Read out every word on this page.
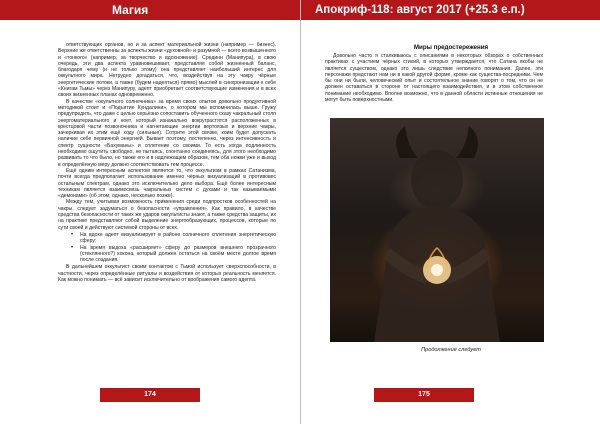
Магия

ответствующих органов, но и за аспект материальной жизни (например — бизнес). Верхние же ответственны за аспекты жизни «духовной» и разумной — всего возвышенного и «тонкого» (например, за творчество и вдохновение). Срединн (Манипура), в свою очередь, эти два аспекта уравновешивает, представляя собой жизненный баланс, благодаря чему (и не только этому) она представляет наибольший интерес для оккультного мира. Нетрудно догадаться, что, воздействуя на эту чакру чёрные энергетические потоки, а также (будем надеяться) прямо) мыслей в синхронизации к себе «Книгам Тьмы» через Манипуру, адепт приобретает соответствующие изменения и в всех своих жизненных планах одновременно.

В качестве «окультного солнечника» за время своих опытов довольно продуктивной методикой стоит и «Подъятие Кундалини», о котором мы вспомнилась выше. Гружу предупредить, что даже с целью серьёзно сопоставить обученного сказу чакральный столп энергоматериального и ноет, который изначально вокруграстятся расположенных в крестцовой части позвоночника и нагнетающие энергии вертоязых и верхние чакры, зачеркивая их этим ещё ходу (сильные). Сотрите этой связке, коим будет допускать наличие себе первичной энергией. Бывает поэтому, постепенно, через интенсивность и спектр сущности «Бахуманы» и сплетение со своими. То есть когда подлинность необходимо ощутить свободно, не пытаясь, спонтанно соединяясь, для этого необходимо развивать то что было, но также его и в надлежащем образом, тем оба ножки уже и выход в определённую меру должно соответствовать тем процессе.

Ещё одним интересным аспектом является то, что оккультизм в рамках Сатанизма, почти всегда предполагает использование именно чёрных визуализаций в противовес остальным спектрам, однако это исключительно дело выбора. Ещё более интересным техникам является взаимосвязь чакральных систем с духами и так называемыми «демонами» (об этом, однако, несколько позже).

Между тем, учитывая возможность применения среди подпростков особенностей на чакры, следует задуматься о безопасности «управления». Как правило, в качестве средства безопасности от таких же ударов оккультисты знают, а также средства защиты, их на практике представляют собой выделение энергообразующих, процессов, которые по сути своей и действуют системой стороны от всех.

• На вдохе адепт визуализирует в районе солнечного сплетения энергетическую сферу;
• На время выдоха «расширяет» сферу до размеров внешнего прозрачного (стеклянного?) кокона, который должен остаться на своём месте долгое время после создания.

В дальнейшем оккультист своим контактом с Тьмой использует сверхспособности, в частности, через определённые ритуалы и воздействия от которых реальность меняется. Как можно понимать — всё зависит исключительно от воображения самого адепта.

174
Апокриф-118: август 2017 (+25.3 е.п.)
Миры предостережения

Довольно часто я сталкиваюсь с описаниями в некоторых обзорах о собственных практиках с участием чёрных стихий, в которых утверждается, что Сатана якобы не является существом, однако это лишь следствие неполного понимания. Далее, эти персонажи предстают нам ни в какой другой форме, кроме как существа-посредники. Чем бы они ни были, человеческий опыт и состоятельное знание говорят о том, что он не должен оставаться в стороне от настоящего взаимодействия, и в этом собственное понимание необходимо. Вполне возможно, что в данной области истинные отношения не могут быть поверхностными.

Продолжение следует
175
